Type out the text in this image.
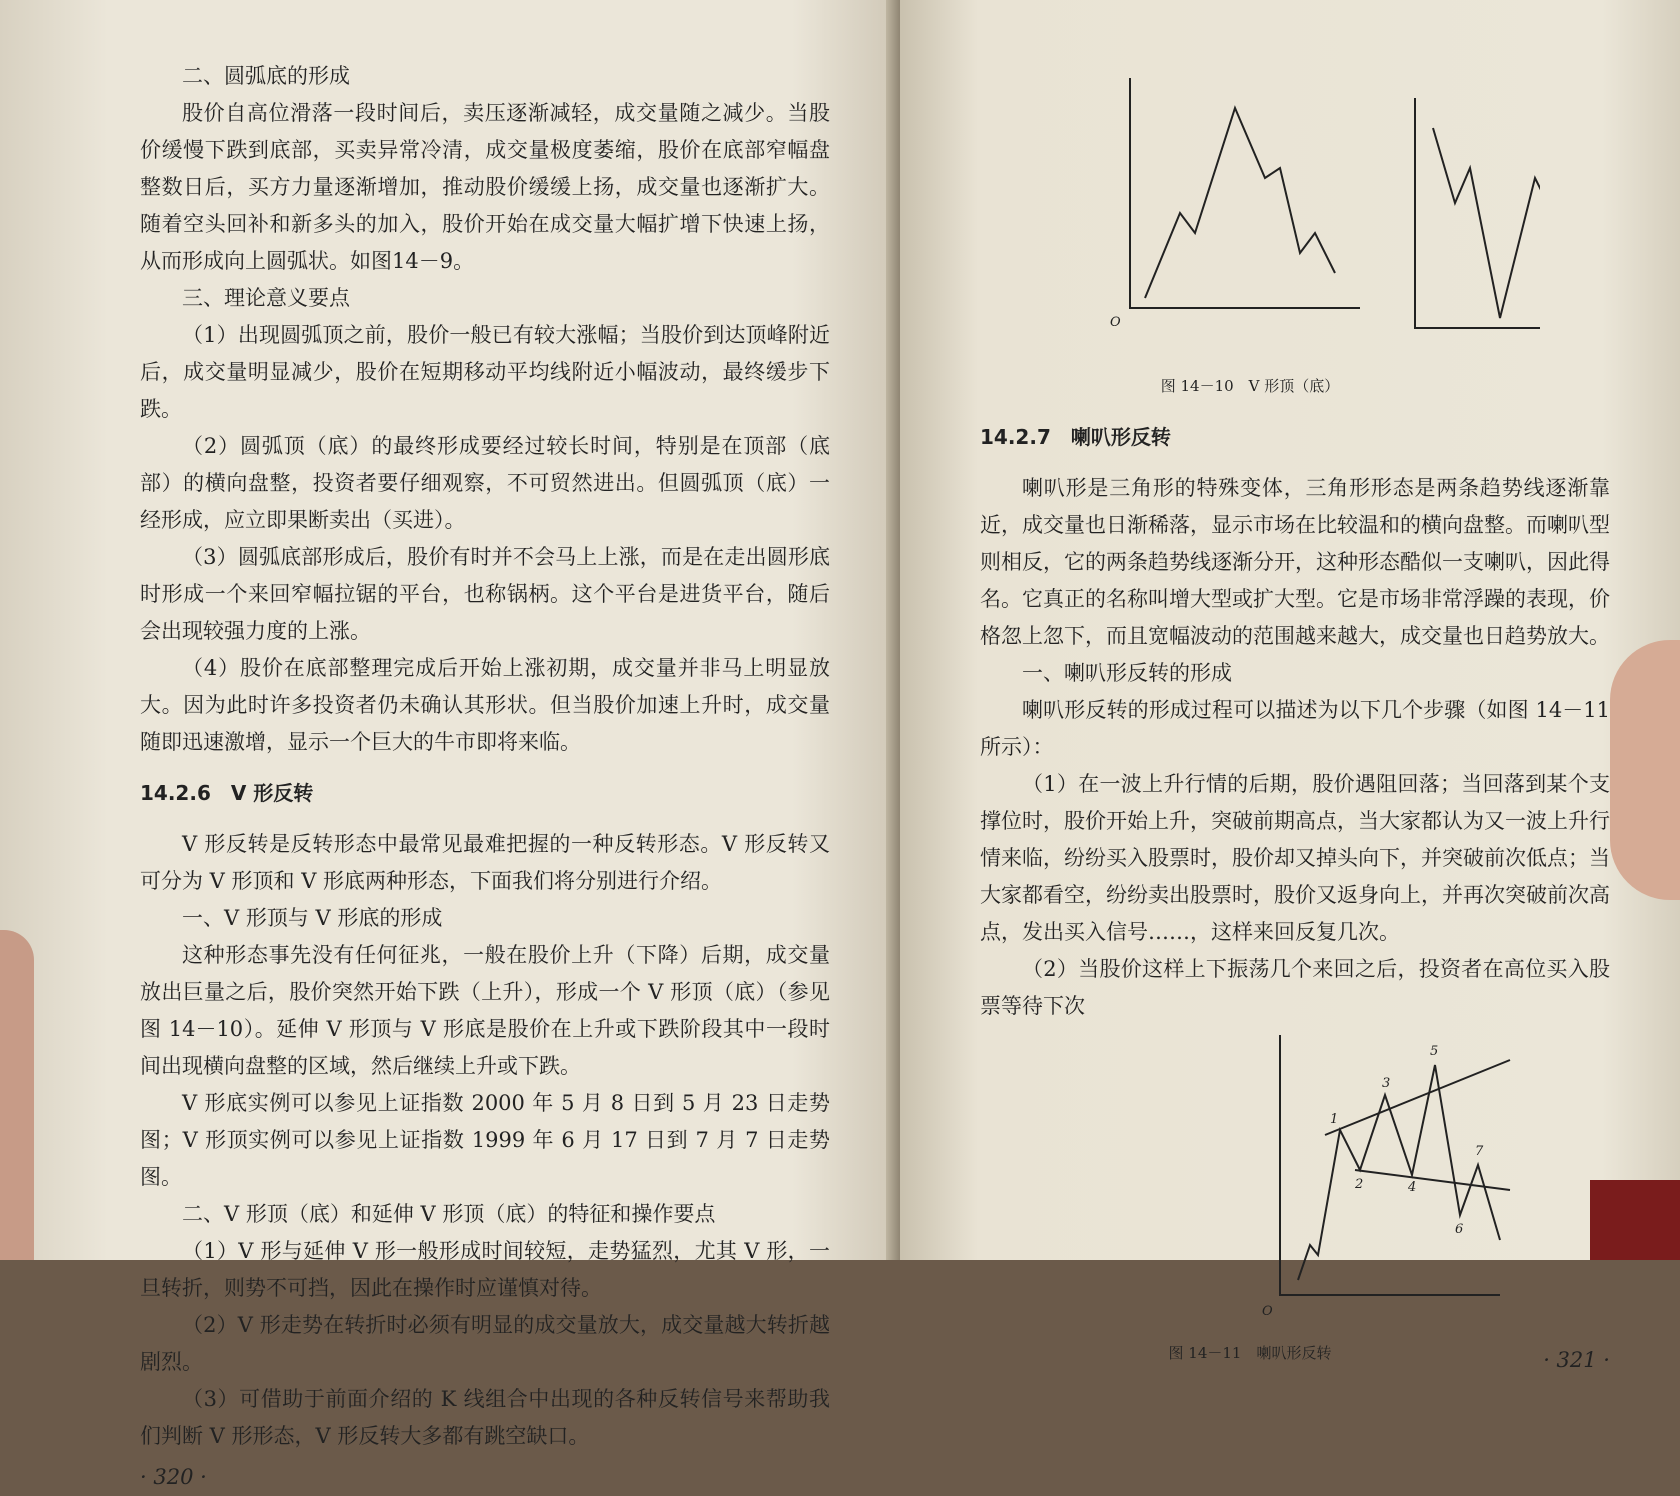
二、圆弧底的形成

股价自高位滑落一段时间后，卖压逐渐减轻，成交量随之减少。当股价缓慢下跌到底部，买卖异常冷清，成交量极度萎缩，股价在底部窄幅盘整数日后，买方力量逐渐增加，推动股价缓缓上扬，成交量也逐渐扩大。随着空头回补和新多头的加入，股价开始在成交量大幅扩增下快速上扬，从而形成向上圆弧状。如图14－9。

三、理论意义要点

（1）出现圆弧顶之前，股价一般已有较大涨幅；当股价到达顶峰附近后，成交量明显减少，股价在短期移动平均线附近小幅波动，最终缓步下跌。

（2）圆弧顶（底）的最终形成要经过较长时间，特别是在顶部（底部）的横向盘整，投资者要仔细观察，不可贸然进出。但圆弧顶（底）一经形成，应立即果断卖出（买进）。

（3）圆弧底部形成后，股价有时并不会马上上涨，而是在走出圆形底时形成一个来回窄幅拉锯的平台，也称锅柄。这个平台是进货平台，随后会出现较强力度的上涨。

（4）股价在底部整理完成后开始上涨初期，成交量并非马上明显放大。因为此时许多投资者仍未确认其形状。但当股价加速上升时，成交量随即迅速激增，显示一个巨大的牛市即将来临。

14.2.6　V 形反转

V 形反转是反转形态中最常见最难把握的一种反转形态。V 形反转又可分为 V 形顶和 V 形底两种形态，下面我们将分别进行介绍。

一、V 形顶与 V 形底的形成

这种形态事先没有任何征兆，一般在股价上升（下降）后期，成交量放出巨量之后，股价突然开始下跌（上升），形成一个 V 形顶（底）（参见图 14－10）。延伸 V 形顶与 V 形底是股价在上升或下跌阶段其中一段时间出现横向盘整的区域，然后继续上升或下跌。

V 形底实例可以参见上证指数 2000 年 5 月 8 日到 5 月 23 日走势图；V 形顶实例可以参见上证指数 1999 年 6 月 17 日到 7 月 7 日走势图。

二、V 形顶（底）和延伸 V 形顶（底）的特征和操作要点

（1）V 形与延伸 V 形一般形成时间较短，走势猛烈，尤其 V 形，一旦转折，则势不可挡，因此在操作时应谨慎对待。

（2）V 形走势在转折时必须有明显的成交量放大，成交量越大转折越剧烈。

（3）可借助于前面介绍的 K 线组合中出现的各种反转信号来帮助我们判断 V 形形态，V 形反转大多都有跳空缺口。

· 320 ·

O

图 14－10　V 形顶（底）

14.2.7　喇叭形反转

喇叭形是三角形的特殊变体，三角形形态是两条趋势线逐渐靠近，成交量也日渐稀落，显示市场在比较温和的横向盘整。而喇叭型则相反，它的两条趋势线逐渐分开，这种形态酷似一支喇叭，因此得名。它真正的名称叫增大型或扩大型。它是市场非常浮躁的表现，价格忽上忽下，而且宽幅波动的范围越来越大，成交量也日趋势放大。

一、喇叭形反转的形成

喇叭形反转的形成过程可以描述为以下几个步骤（如图 14－11 所示）：

（1）在一波上升行情的后期，股价遇阻回落；当回落到某个支撑位时，股价开始上升，突破前期高点，当大家都认为又一波上升行情来临，纷纷买入股票时，股价却又掉头向下，并突破前次低点；当大家都看空，纷纷卖出股票时，股价又返身向上，并再次突破前次高点，发出买入信号……，这样来回反复几次。

（2）当股价这样上下振荡几个来回之后，投资者在高位买入股票等待下次

O
1
2
3
4
5
6
7

图 14－11　喇叭形反转	· 321 ·
